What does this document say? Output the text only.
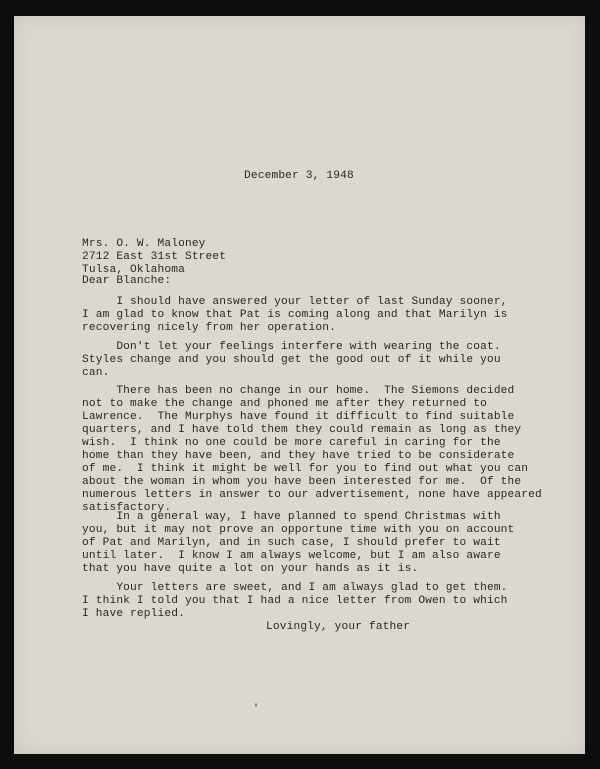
December 3, 1948
Mrs. O. W. Maloney
2712 East 31st Street
Tulsa, Oklahoma
Dear Blanche:
I should have answered your letter of last Sunday sooner,
I am glad to know that Pat is coming along and that Marilyn is
recovering nicely from her operation.
Don't let your feelings interfere with wearing the coat.
Styles change and you should get the good out of it while you
can.
There has been no change in our home.  The Siemons decided
not to make the change and phoned me after they returned to
Lawrence.  The Murphys have found it difficult to find suitable
quarters, and I have told them they could remain as long as they
wish.  I think no one could be more careful in caring for the
home than they have been, and they have tried to be considerate
of me.  I think it might be well for you to find out what you can
about the woman in whom you have been interested for me.  Of the
numerous letters in answer to our advertisement, none have appeared
satisfactory.
In a general way, I have planned to spend Christmas with
you, but it may not prove an opportune time with you on account
of Pat and Marilyn, and in such case, I should prefer to wait
until later.  I know I am always welcome, but I am also aware
that you have quite a lot on your hands as it is.
Your letters are sweet, and I am always glad to get them.
I think I told you that I had a nice letter from Owen to which
I have replied.
Lovingly, your father
'
